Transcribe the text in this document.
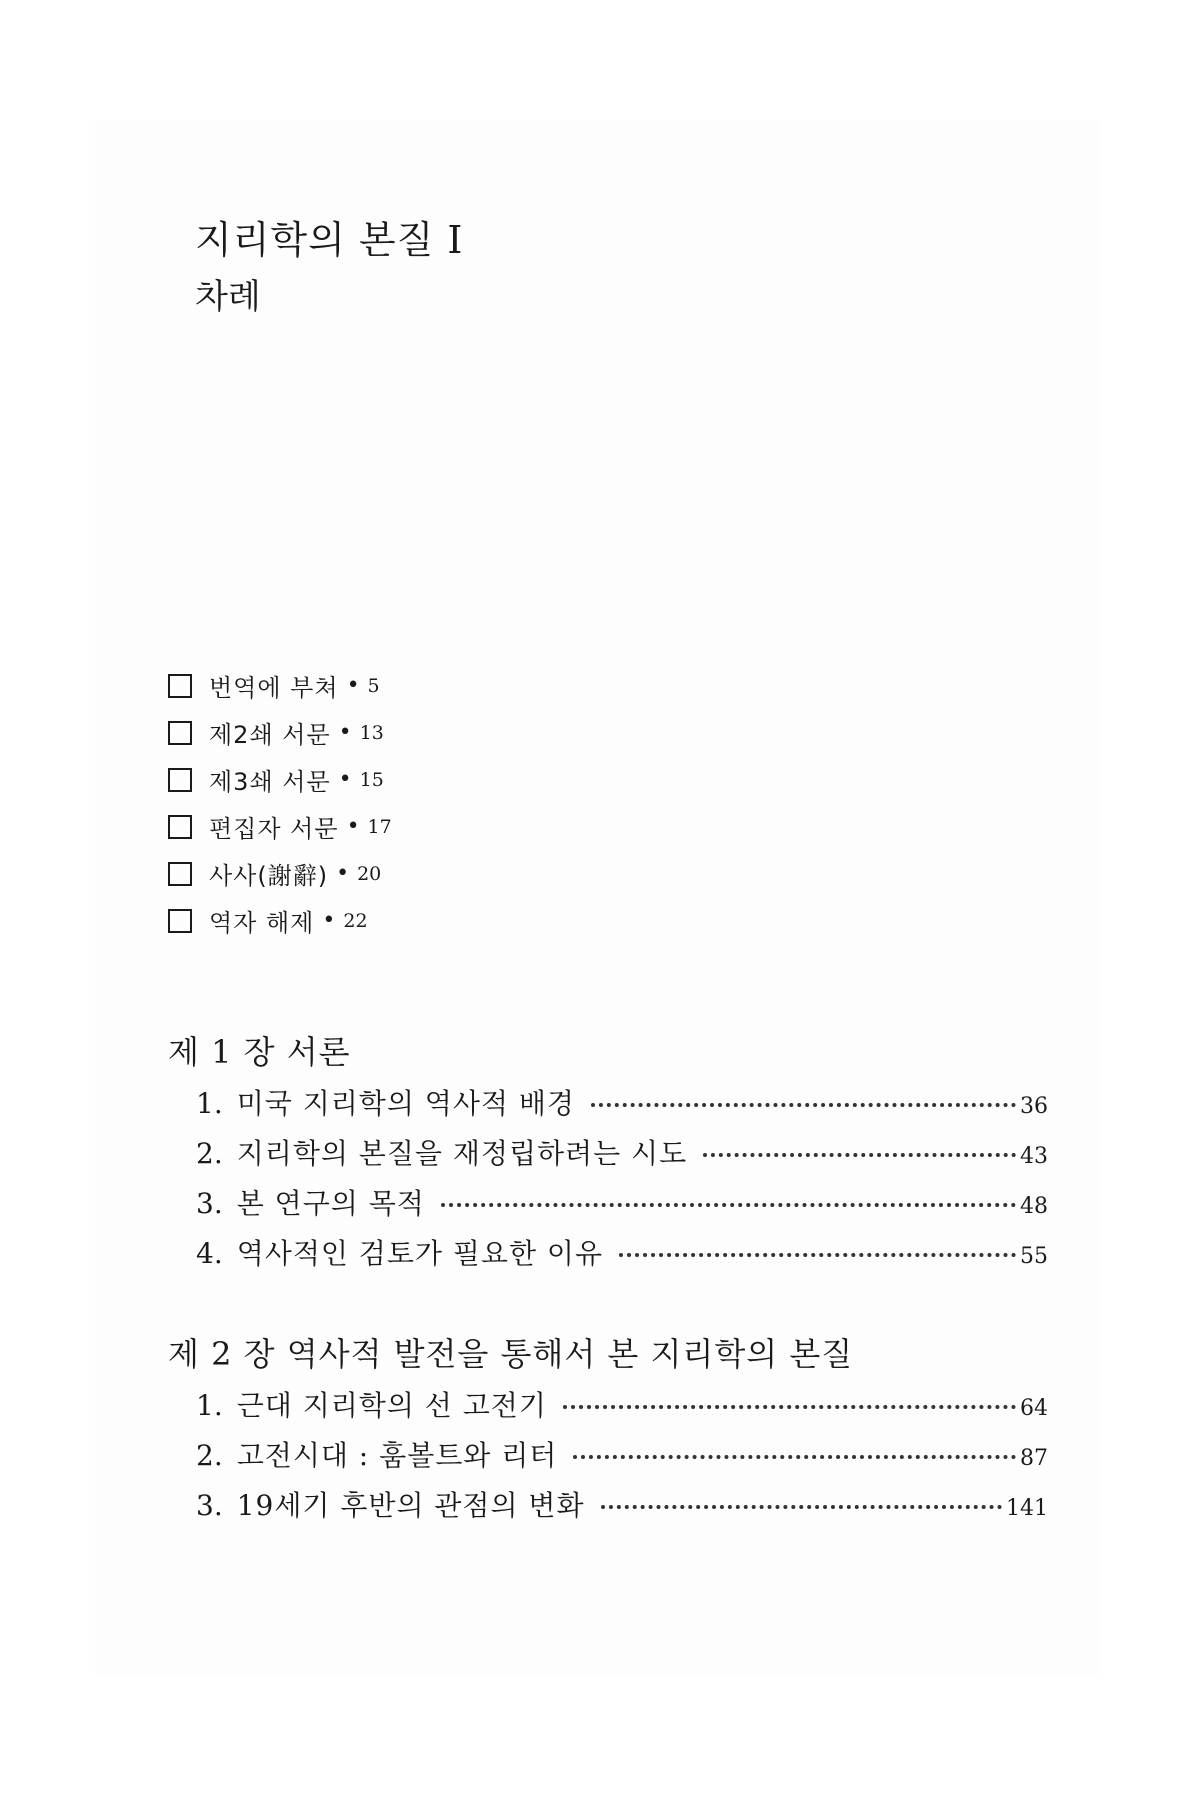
지리학의 본질 I
차례
번역에 부쳐 • 5
제2쇄 서문 • 13
제3쇄 서문 • 15
편집자 서문 • 17
사사(謝辭) • 20
역자 해제 • 22
제 1 장 서론
1. 미국 지리학의 역사적 배경	36
2. 지리학의 본질을 재정립하려는 시도	43
3. 본 연구의 목적	48
4. 역사적인 검토가 필요한 이유	55
제 2 장 역사적 발전을 통해서 본 지리학의 본질
1. 근대 지리학의 선 고전기	64
2. 고전시대 : 훔볼트와 리터	87
3. 19세기 후반의 관점의 변화	141
